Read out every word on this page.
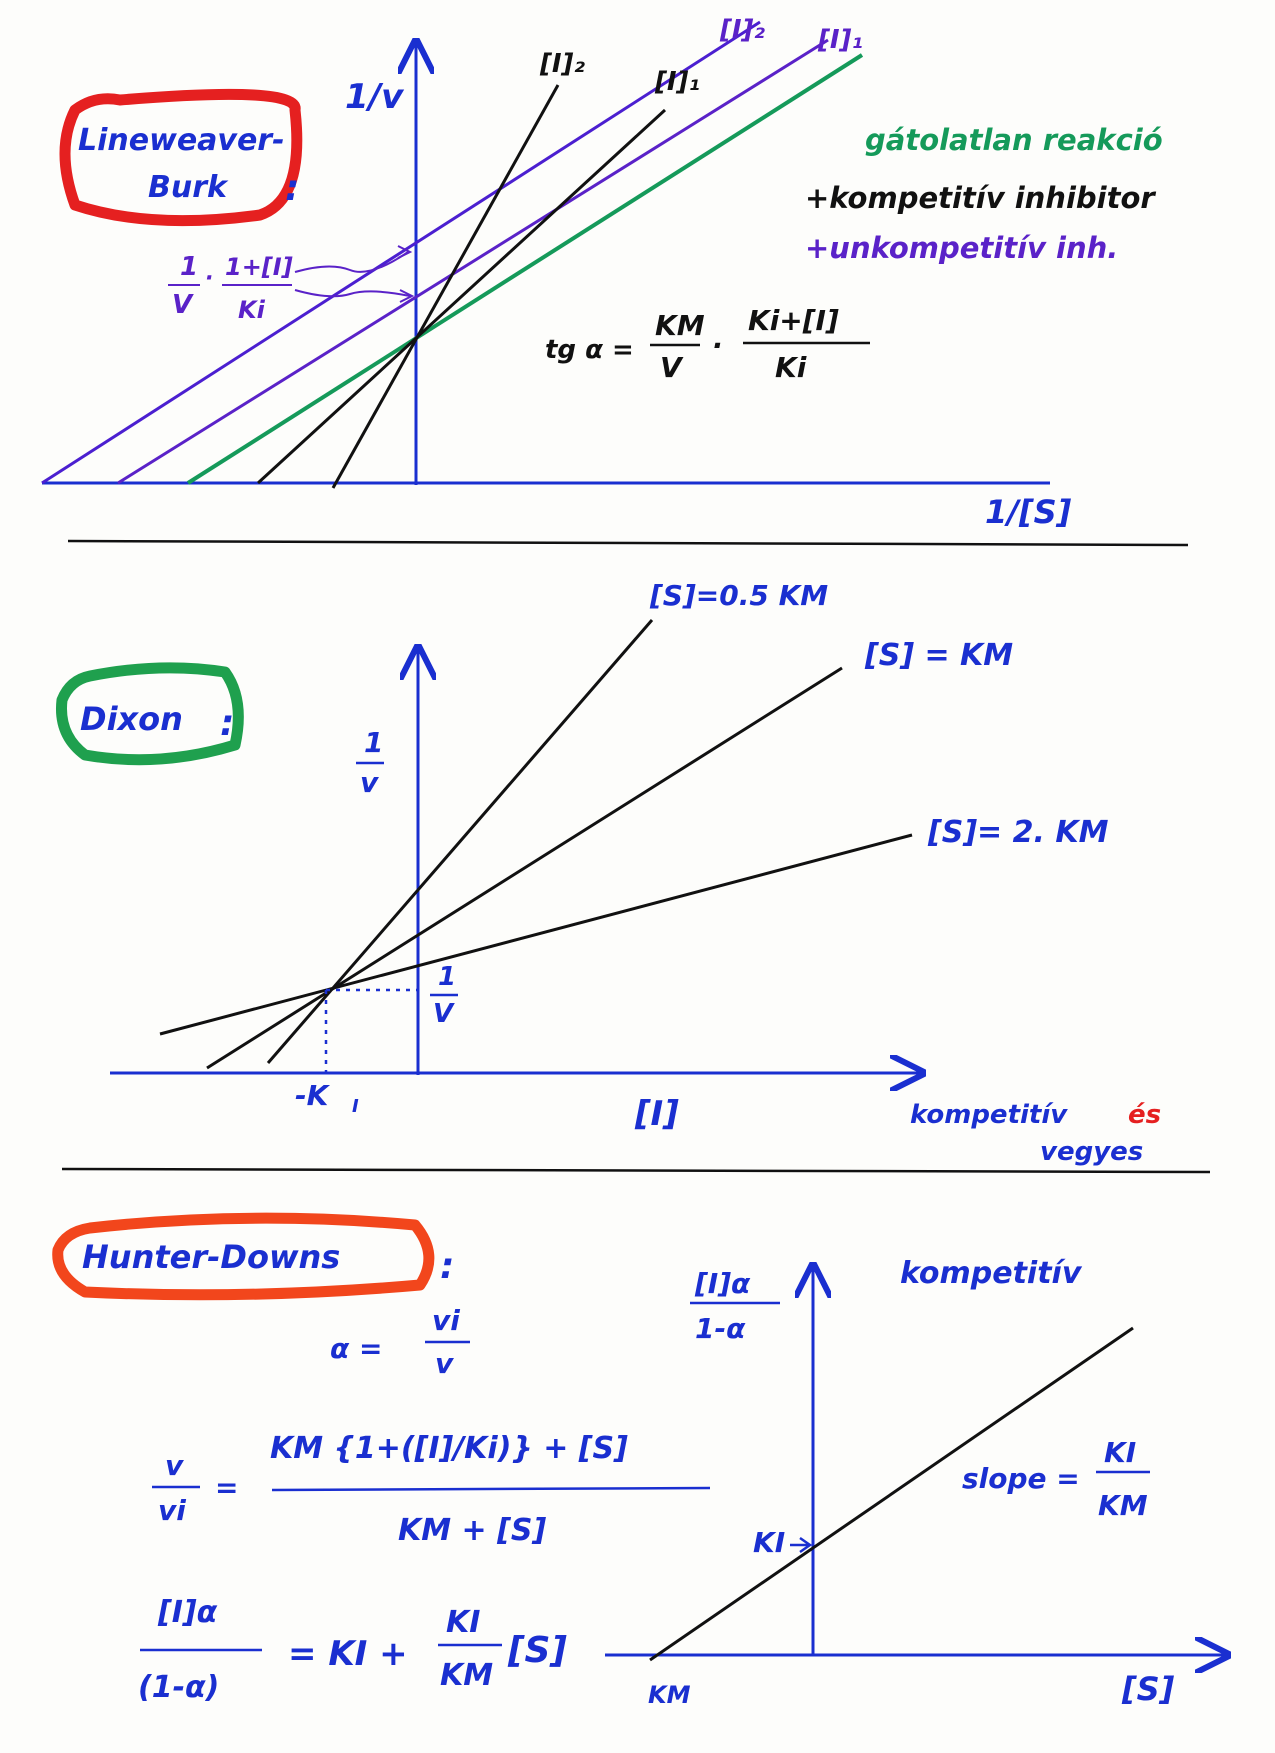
Lineweaver-
Burk :
1/v
1/[S]
[I]₂
[I]₁
[I]₂ [I]₁
gátolatlan reakció
+kompetitív inhibitor
+unkompetitív inh.
1
V
· 1+[I]
Ki
tg α =
KM
V
·
Ki+[I]
Ki
Dixon :	1
v
[I]
[S]=0.5 KM
[S] = KM
[S]= 2. KM
-K I
1
V
kompetitív és
vegyes
Hunter-Downs	:
α =
vi
v
[I]α
1-α
[S]
kompetitív
KI
KM
slope =
KI
KM
v
vi
=
KM {1+([I]/Ki)} + [S]
KM + [S]
[I]α
(1-α)
= KI +
KI
KM
[S]
